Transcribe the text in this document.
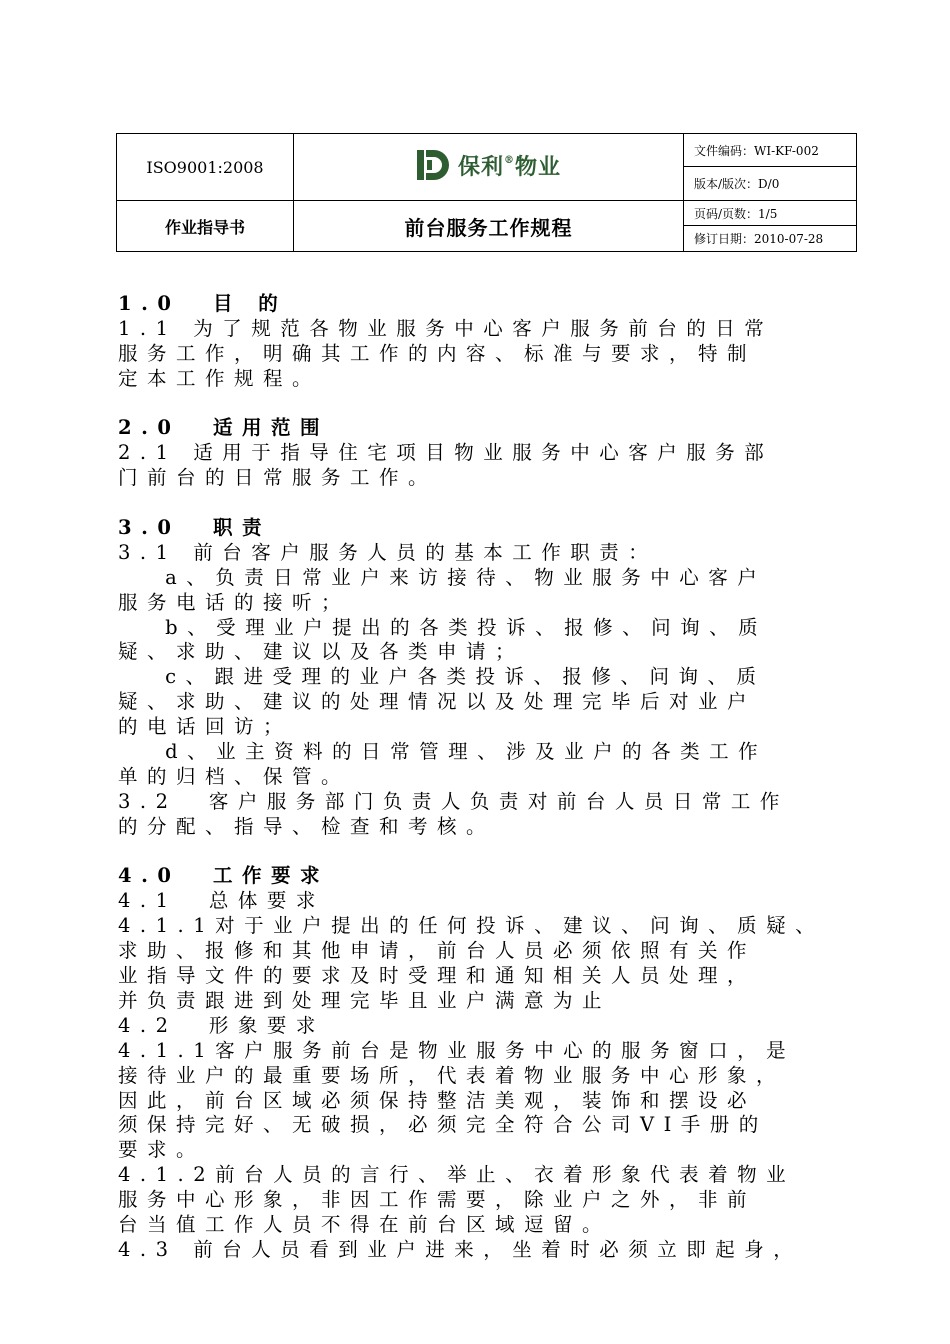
ISO9001:2008	保利®物业	文件编码：WI-KF-002
		版本/版次：D/0
作业指导书	前台服务工作规程	页码/页数：1/5
		修订日期：2010-07-28
1.0  目 的
1.1 为了规范各物业服务中心客户服务前台的日常
服务工作，明确其工作的内容、标准与要求，特制
定本工作规程。
2.0  适用范围
2.1 适用于指导住宅项目物业服务中心客户服务部
门前台的日常服务工作。
3.0  职责
3.1 前台客户服务人员的基本工作职责：
a、负责日常业户来访接待、物业服务中心客户
服务电话的接听；
b、受理业户提出的各类投诉、报修、问询、质
疑、求助、建议以及各类申请；
c、跟进受理的业户各类投诉、报修、问询、质
疑、求助、建议的处理情况以及处理完毕后对业户
的电话回访；
d、业主资料的日常管理、涉及业户的各类工作
单的归档、保管。
3.2  客户服务部门负责人负责对前台人员日常工作
的分配、指导、检查和考核。
4.0  工作要求
4.1  总体要求
4.1.1对于业户提出的任何投诉、建议、问询、质疑、
求助、报修和其他申请，前台人员必须依照有关作
业指导文件的要求及时受理和通知相关人员处理，
并负责跟进到处理完毕且业户满意为止
4.2  形象要求
4.1.1客户服务前台是物业服务中心的服务窗口，是
接待业户的最重要场所，代表着物业服务中心形象，
因此，前台区域必须保持整洁美观，装饰和摆设必
须保持完好、无破损，必须完全符合公司VI手册的
要求。
4.1.2前台人员的言行、举止、衣着形象代表着物业
服务中心形象，非因工作需要，除业户之外，非前
台当值工作人员不得在前台区域逗留。
4.3 前台人员看到业户进来，坐着时必须立即起身，
